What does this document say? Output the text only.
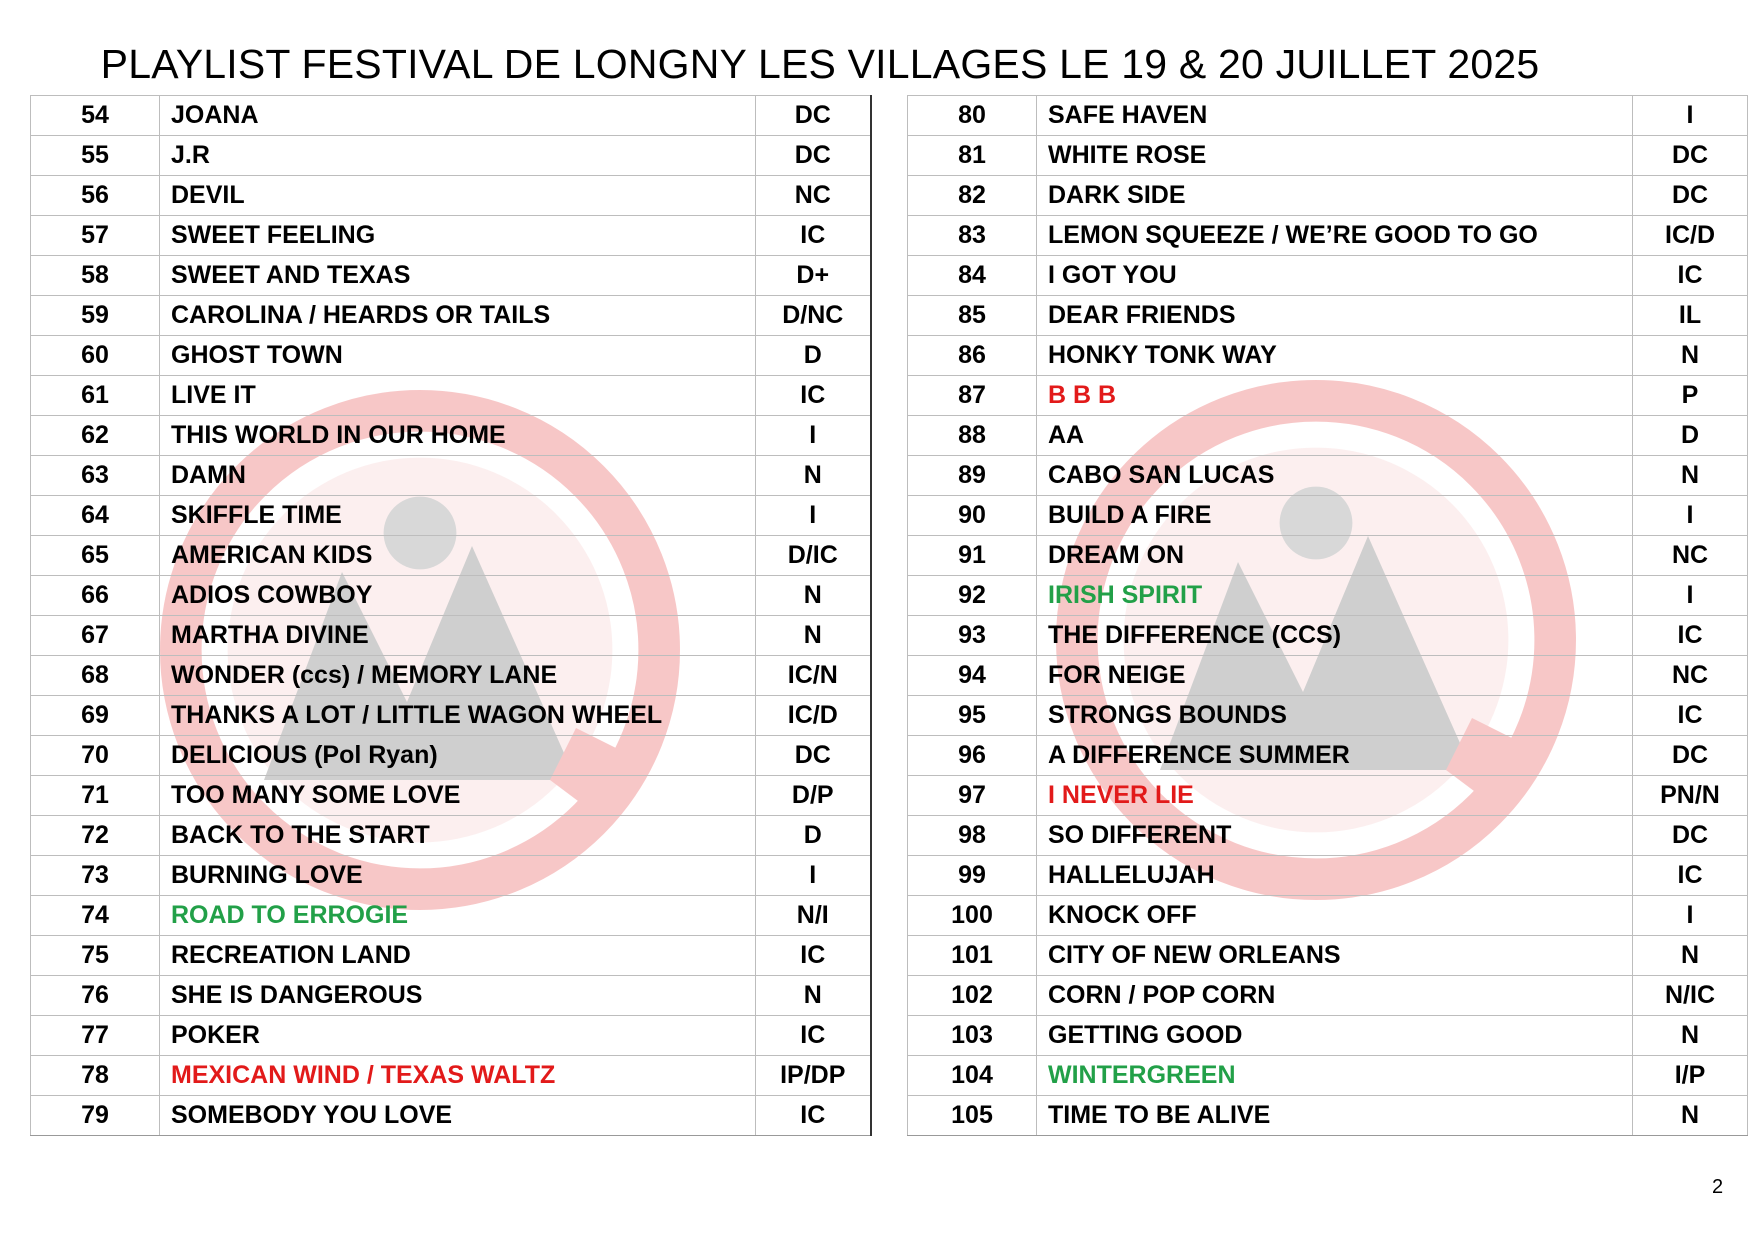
PLAYLIST FESTIVAL DE LONGNY LES VILLAGES LE 19 & 20 JUILLET 2025
54	JOANA	DC
55	J.R	DC
56	DEVIL	NC
57	SWEET FEELING	IC
58	SWEET AND TEXAS	D+
59	CAROLINA / HEARDS OR TAILS	D/NC
60	GHOST TOWN	D
61	LIVE IT	IC
62	THIS WORLD IN OUR HOME	I
63	DAMN	N
64	SKIFFLE TIME	I
65	AMERICAN KIDS	D/IC
66	ADIOS COWBOY	N
67	MARTHA DIVINE	N
68	WONDER (ccs) / MEMORY LANE	IC/N
69	THANKS A LOT / LITTLE WAGON WHEEL	IC/D
70	DELICIOUS (Pol Ryan)	DC
71	TOO MANY SOME LOVE	D/P
72	BACK TO THE START	D
73	BURNING LOVE	I
74	ROAD TO ERROGIE	N/I
75	RECREATION LAND	IC
76	SHE IS DANGEROUS	N
77	POKER	IC
78	MEXICAN WIND / TEXAS WALTZ	IP/DP
79	SOMEBODY YOU LOVE	IC
80	SAFE HAVEN	I
81	WHITE ROSE	DC
82	DARK SIDE	DC
83	LEMON SQUEEZE / WE’RE GOOD TO GO	IC/D
84	I GOT YOU	IC
85	DEAR FRIENDS	IL
86	HONKY TONK WAY	N
87	B B B	P
88	AA	D
89	CABO SAN LUCAS	N
90	BUILD A FIRE	I
91	DREAM ON	NC
92	IRISH SPIRIT	I
93	THE DIFFERENCE (CCS)	IC
94	FOR NEIGE	NC
95	STRONGS BOUNDS	IC
96	A DIFFERENCE SUMMER	DC
97	I NEVER LIE	PN/N
98	SO DIFFERENT	DC
99	HALLELUJAH	IC
100	KNOCK OFF	I
101	CITY OF NEW ORLEANS	N
102	CORN / POP CORN	N/IC
103	GETTING GOOD	N
104	WINTERGREEN	I/P
105	TIME TO BE ALIVE	N
2
